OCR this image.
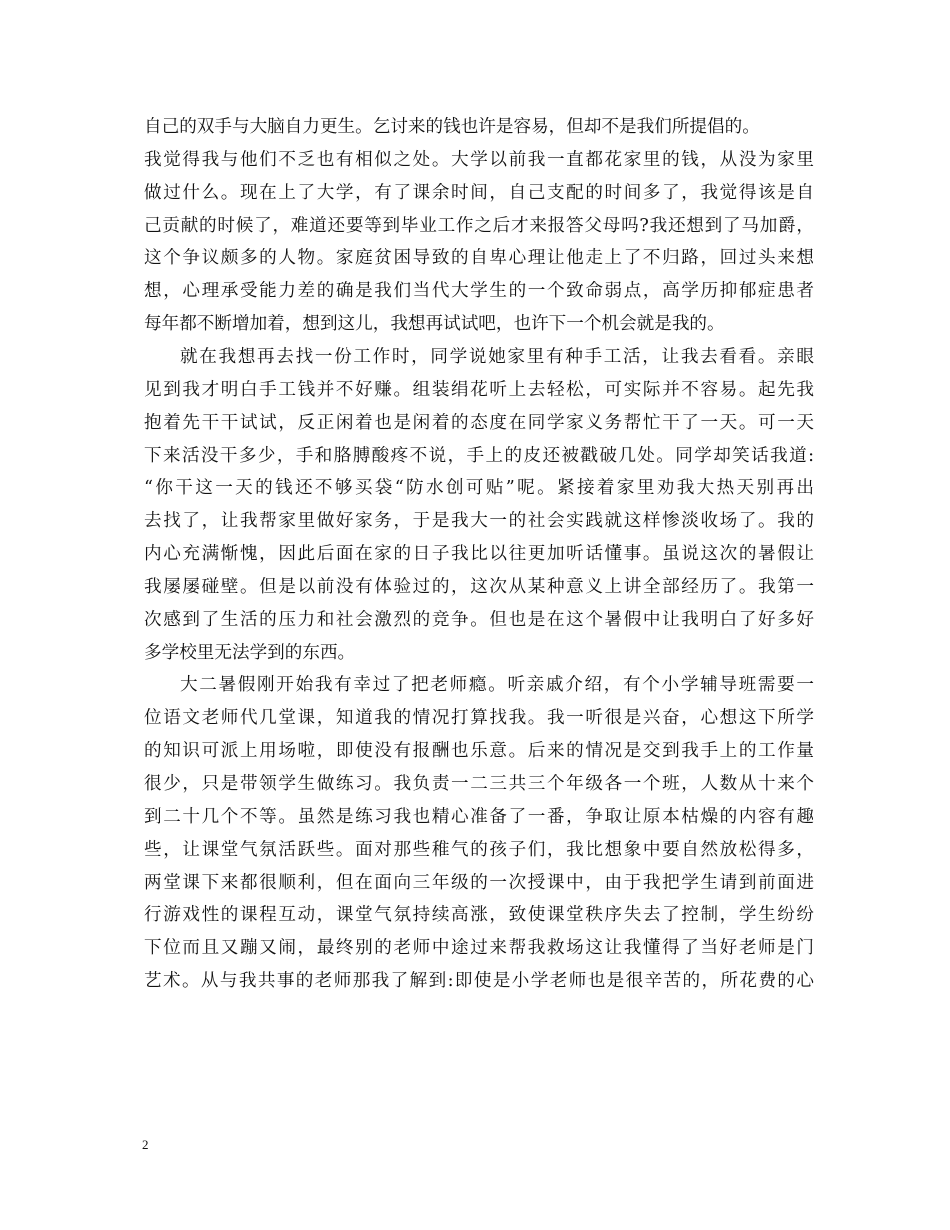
自己的双手与大脑自力更生。乞讨来的钱也许是容易，但却不是我们所提倡的。
我觉得我与他们不乏也有相似之处。大学以前我一直都花家里的钱，从没为家里
做过什么。现在上了大学，有了课余时间，自己支配的时间多了，我觉得该是自
己贡献的时候了，难道还要等到毕业工作之后才来报答父母吗?我还想到了马加爵，
这个争议颇多的人物。家庭贫困导致的自卑心理让他走上了不归路，回过头来想
想，心理承受能力差的确是我们当代大学生的一个致命弱点，高学历抑郁症患者
每年都不断增加着，想到这儿，我想再试试吧，也许下一个机会就是我的。
就在我想再去找一份工作时，同学说她家里有种手工活，让我去看看。亲眼
见到我才明白手工钱并不好赚。组装绢花听上去轻松，可实际并不容易。起先我
抱着先干干试试，反正闲着也是闲着的态度在同学家义务帮忙干了一天。可一天
下来活没干多少，手和胳膊酸疼不说，手上的皮还被戳破几处。同学却笑话我道:
“你干这一天的钱还不够买袋“防水创可贴”呢。紧接着家里劝我大热天别再出
去找了，让我帮家里做好家务，于是我大一的社会实践就这样惨淡收场了。我的
内心充满惭愧，因此后面在家的日子我比以往更加听话懂事。虽说这次的暑假让
我屡屡碰壁。但是以前没有体验过的，这次从某种意义上讲全部经历了。我第一
次感到了生活的压力和社会激烈的竞争。但也是在这个暑假中让我明白了好多好
多学校里无法学到的东西。
大二暑假刚开始我有幸过了把老师瘾。听亲戚介绍，有个小学辅导班需要一
位语文老师代几堂课，知道我的情况打算找我。我一听很是兴奋，心想这下所学
的知识可派上用场啦，即使没有报酬也乐意。后来的情况是交到我手上的工作量
很少，只是带领学生做练习。我负责一二三共三个年级各一个班，人数从十来个
到二十几个不等。虽然是练习我也精心准备了一番，争取让原本枯燥的内容有趣
些，让课堂气氛活跃些。面对那些稚气的孩子们，我比想象中要自然放松得多，
两堂课下来都很顺利，但在面向三年级的一次授课中，由于我把学生请到前面进
行游戏性的课程互动，课堂气氛持续高涨，致使课堂秩序失去了控制，学生纷纷
下位而且又蹦又闹，最终别的老师中途过来帮我救场这让我懂得了当好老师是门
艺术。从与我共事的老师那我了解到:即使是小学老师也是很辛苦的，所花费的心
2
